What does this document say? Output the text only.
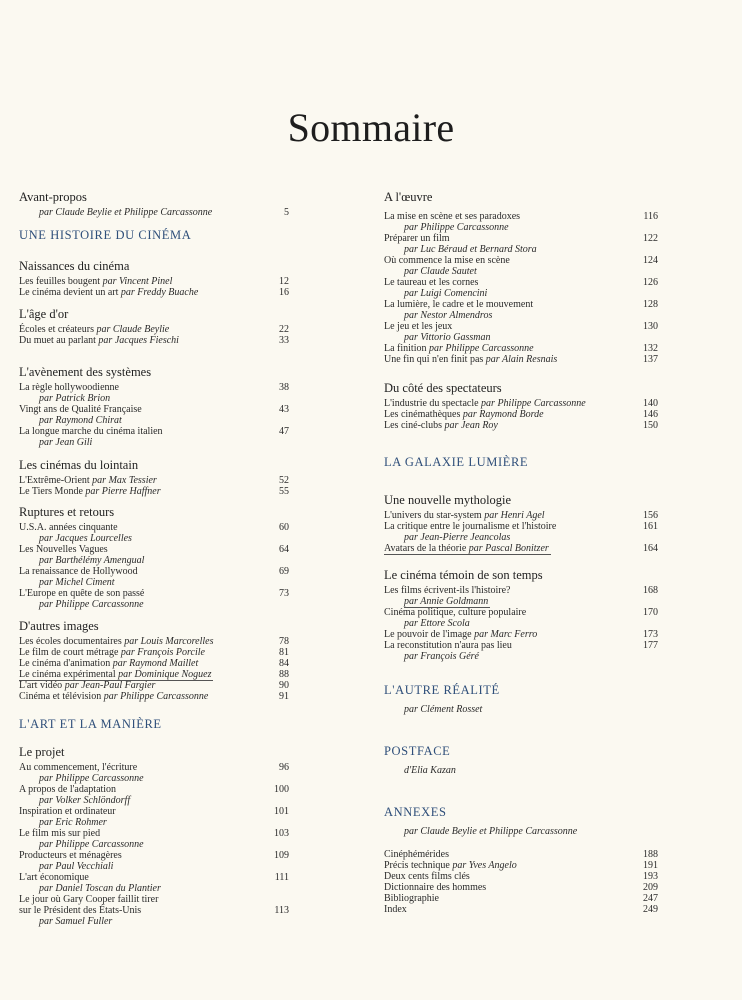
Sommaire
Avant-propos
par Claude Beylie et Philippe Carcassonne	5
UNE HISTOIRE DU CINÉMA
Naissances du cinéma
Les feuilles bougent par Vincent Pinel	12
Le cinéma devient un art par Freddy Buache	16
L'âge d'or
Écoles et créateurs par Claude Beylie	22
Du muet au parlant par Jacques Fieschi	33
L'avènement des systèmes
La règle hollywoodienne	38
par Patrick Brion
Vingt ans de Qualité Française	43
par Raymond Chirat
La longue marche du cinéma italien	47
par Jean Gili
Les cinémas du lointain
L'Extrême-Orient par Max Tessier	52
Le Tiers Monde par Pierre Haffner	55
Ruptures et retours
U.S.A. années cinquante	60
par Jacques Lourcelles
Les Nouvelles Vagues	64
par Barthélémy Amengual
La renaissance de Hollywood	69
par Michel Ciment
L'Europe en quête de son passé	73
par Philippe Carcassonne
D'autres images
Les écoles documentaires par Louis Marcorelles	78
Le film de court métrage par François Porcile	81
Le cinéma d'animation par Raymond Maillet	84
Le cinéma expérimental par Dominique Noguez	88
L'art vidéo par Jean-Paul Fargier	90
Cinéma et télévision par Philippe Carcassonne	91
L'ART ET LA MANIÈRE
Le projet
Au commencement, l'écriture	96
par Philippe Carcassonne
A propos de l'adaptation	100
par Volker Schlöndorff
Inspiration et ordinateur	101
par Eric Rohmer
Le film mis sur pied	103
par Philippe Carcassonne
Producteurs et ménagères	109
par Paul Vecchiali
L'art économique	111
par Daniel Toscan du Plantier
Le jour où Gary Cooper faillit tirer
sur le Président des États-Unis	113
par Samuel Fuller
A l'œuvre
La mise en scène et ses paradoxes	116
par Philippe Carcassonne
Préparer un film	122
par Luc Béraud et Bernard Stora
Où commence la mise en scène	124
par Claude Sautet
Le taureau et les cornes	126
par Luigi Comencini
La lumière, le cadre et le mouvement	128
par Nestor Almendros
Le jeu et les jeux	130
par Vittorio Gassman
La finition par Philippe Carcassonne	132
Une fin qui n'en finit pas par Alain Resnais	137
Du côté des spectateurs
L'industrie du spectacle par Philippe Carcassonne	140
Les cinémathèques par Raymond Borde	146
Les ciné-clubs par Jean Roy	150
LA GALAXIE LUMIÈRE
Une nouvelle mythologie
L'univers du star-system par Henri Agel	156
La critique entre le journalisme et l'histoire	161
par Jean-Pierre Jeancolas
Avatars de la théorie par Pascal Bonitzer	164
Le cinéma témoin de son temps
Les films écrivent-ils l'histoire?	168
par Annie Goldmann
Cinéma politique, culture populaire	170
par Ettore Scola
Le pouvoir de l'image par Marc Ferro	173
La reconstitution n'aura pas lieu	177
par François Géré
L'AUTRE RÉALITÉ
par Clément Rosset
POSTFACE
d'Elia Kazan
ANNEXES
par Claude Beylie et Philippe Carcassonne
Cinéphémérides	188
Précis technique par Yves Angelo	191
Deux cents films clés	193
Dictionnaire des hommes	209
Bibliographie	247
Index	249
